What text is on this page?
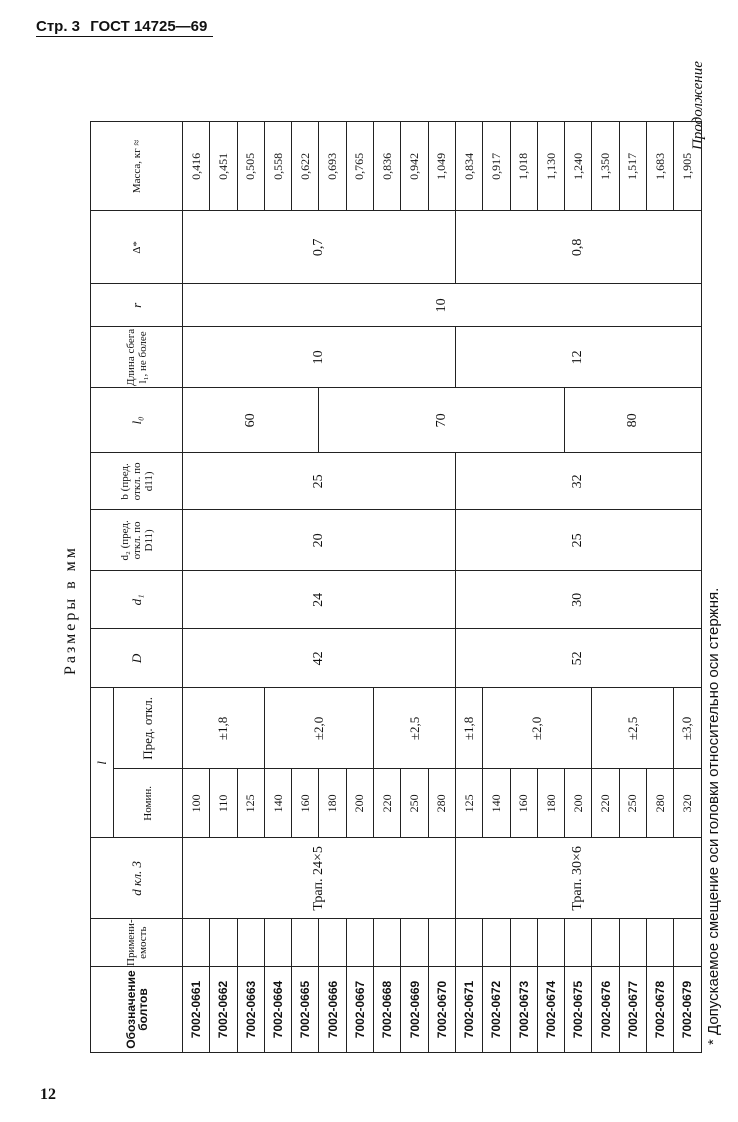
Стр. 3 ГОСТ 14725—69
Продолжение
Размеры в мм
Обозначение болтов	Примени-емость	d кл. 3	l		D	d₁	d₂ (пред. откл. по D11)	b (пред. откл. по d11)	l₀	Длина сбега l₁, не более	r	Δ*	Масса, кг ≈
			Номин.	Пред. откл.									
7002-0661		Трап. 24×5	100	±1,8	42	24	20	25	60	10	10	0,7	0,416
7002-0662			110										0,451
7002-0663			125										0,505
7002-0664			140	±2,0									0,558
7002-0665			160										0,622
7002-0666			180						70				0,693
7002-0667			200										0,765
7002-0668			220	±2,5									0,836
7002-0669			250										0,942
7002-0670			280										1,049
7002-0671		Трап. 30×6	125	±1,8	52	30	25	32		12		0,8	0,834
7002-0672			140	±2,0									0,917
7002-0673			160										1,018
7002-0674			180										1,130
7002-0675			200						80				1,240
7002-0676			220	±2,5									1,350
7002-0677			250										1,517
7002-0678			280										1,683
7002-0679			320	±3,0									1,905
* Допускаемое смещение оси головки относительно оси стержня.
12
